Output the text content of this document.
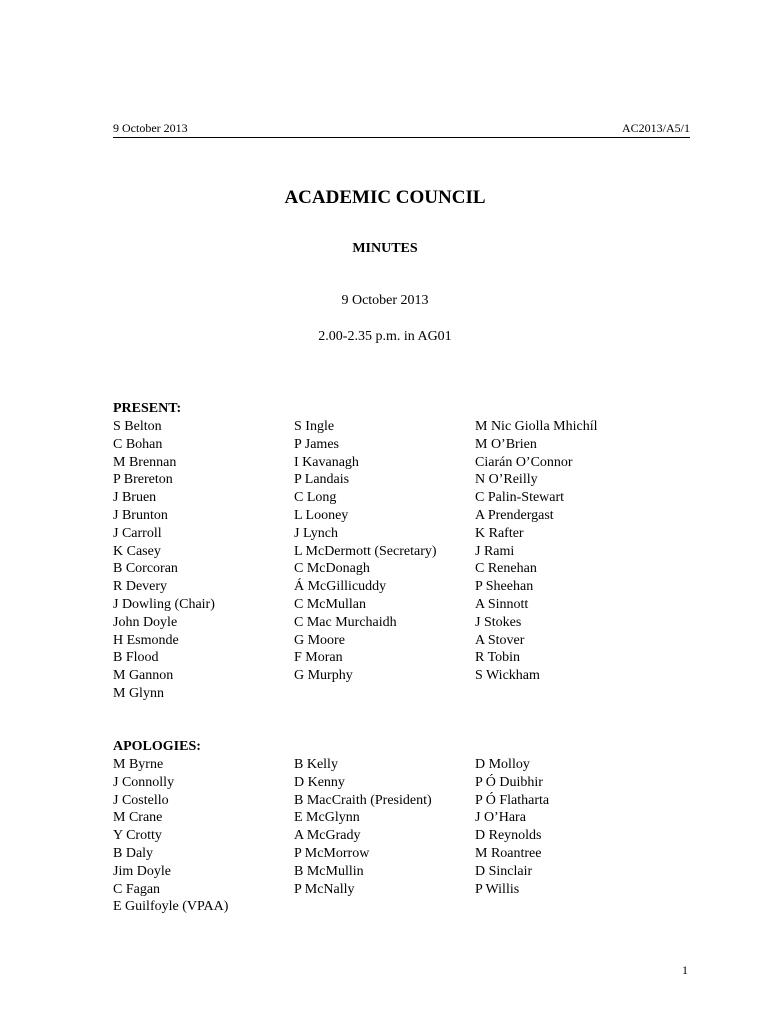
9 October 2013	AC2013/A5/1
ACADEMIC COUNCIL
MINUTES
9 October 2013
2.00-2.35 p.m. in AG01
PRESENT:
S Belton
C Bohan
M Brennan
P Brereton
J Bruen
J Brunton
J Carroll
K Casey
B Corcoran
R Devery
J Dowling (Chair)
John Doyle
H Esmonde
B Flood
M Gannon
M Glynn
S Ingle
P James
I Kavanagh
P Landais
C Long
L Looney
J Lynch
L McDermott (Secretary)
C McDonagh
Á McGillicuddy
C McMullan
C Mac Murchaidh
G Moore
F Moran
G Murphy
M Nic Giolla Mhichíl
M O’Brien
Ciarán O’Connor
N O’Reilly
C Palin-Stewart
A Prendergast
K Rafter
J Rami
C Renehan
P Sheehan
A Sinnott
J Stokes
A Stover
R Tobin
S Wickham
APOLOGIES:
M Byrne
J Connolly
J Costello
M Crane
Y Crotty
B Daly
Jim Doyle
C Fagan
E Guilfoyle (VPAA)
B Kelly
D Kenny
B MacCraith (President)
E McGlynn
A McGrady
P McMorrow
B McMullin
P McNally
D Molloy
P Ó Duibhir
P Ó Flatharta
J O’Hara
D Reynolds
M Roantree
D Sinclair
P Willis
1
